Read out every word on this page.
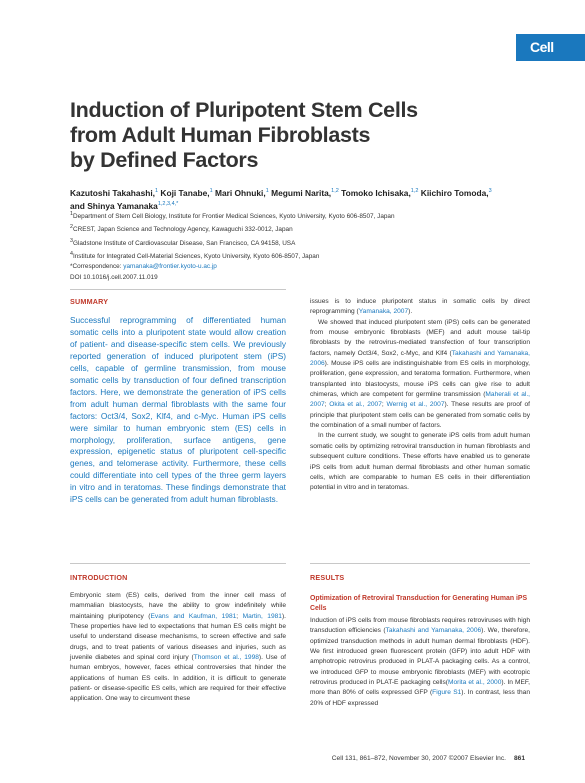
Cell
Induction of Pluripotent Stem Cells
from Adult Human Fibroblasts
by Defined Factors
Kazutoshi Takahashi,$^1$ Koji Tanabe,$^1$ Mari Ohnuki,$^1$ Megumi Narita,$^{1,2}$ Tomoko Ichisaka,$^{1,2}$ Kiichiro Tomoda,$^3$
and Shinya Yamanaka$^{1,2,3,4,*}$
$^1$Department of Stem Cell Biology, Institute for Frontier Medical Sciences, Kyoto University, Kyoto 606-8507, Japan
$^2$CREST, Japan Science and Technology Agency, Kawaguchi 332-0012, Japan
$^3$Gladstone Institute of Cardiovascular Disease, San Francisco, CA 94158, USA
$^4$Institute for Integrated Cell-Material Sciences, Kyoto University, Kyoto 606-8507, Japan
*Correspondence: yamanaka@frontier.kyoto-u.ac.jp
DOI 10.1016/j.cell.2007.11.019
SUMMARY
Successful reprogramming of differentiated human somatic cells into a pluripotent state would allow creation of patient- and disease-specific stem cells. We previously reported generation of induced pluripotent stem (iPS) cells, capable of germline transmission, from mouse somatic cells by transduction of four defined transcription factors. Here, we demonstrate the generation of iPS cells from adult human dermal fibroblasts with the same four factors: Oct3/4, Sox2, Klf4, and c-Myc. Human iPS cells were similar to human embryonic stem (ES) cells in morphology, proliferation, surface antigens, gene expression, epigenetic status of pluripotent cell-specific genes, and telomerase activity. Furthermore, these cells could differentiate into cell types of the three germ layers in vitro and in teratomas. These findings demonstrate that iPS cells can be generated from adult human fibroblasts.
INTRODUCTION

Embryonic stem (ES) cells, derived from the inner cell mass of mammalian blastocysts, have the ability to grow indefinitely while maintaining pluripotency (Evans and Kaufman, 1981; Martin, 1981). These properties have led to expectations that human ES cells might be useful to understand disease mechanisms, to screen effective and safe drugs, and to treat patients of various diseases and injuries, such as juvenile diabetes and spinal cord injury (Thomson et al., 1998). Use of human embryos, however, faces ethical controversies that hinder the applications of human ES cells. In addition, it is difficult to generate patient- or disease-specific ES cells, which are required for their effective application. One way to circumvent these

issues is to induce pluripotent status in somatic cells by direct reprogramming (Yamanaka, 2007).

We showed that induced pluripotent stem (iPS) cells can be generated from mouse embryonic fibroblasts (MEF) and adult mouse tail-tip fibroblasts by the retrovirus-mediated transfection of four transcription factors, namely Oct3/4, Sox2, c-Myc, and Klf4 (Takahashi and Yamanaka, 2006). Mouse iPS cells are indistinguishable from ES cells in morphology, proliferation, gene expression, and teratoma formation. Furthermore, when transplanted into blastocysts, mouse iPS cells can give rise to adult chimeras, which are competent for germline transmission (Maherali et al., 2007; Okita et al., 2007; Wernig et al., 2007). These results are proof of principle that pluripotent stem cells can be generated from somatic cells by the combination of a small number of factors.

In the current study, we sought to generate iPS cells from adult human somatic cells by optimizing retroviral transduction in human fibroblasts and subsequent culture conditions. These efforts have enabled us to generate iPS cells from adult human dermal fibroblasts and other human somatic cells, which are comparable to human ES cells in their differentiation potential in vitro and in teratomas.

RESULTS
Optimization of Retroviral Transduction for Generating Human iPS Cells

Induction of iPS cells from mouse fibroblasts requires retroviruses with high transduction efficiencies (Takahashi and Yamanaka, 2006). We, therefore, optimized transduction methods in adult human dermal fibroblasts (HDF). We first introduced green fluorescent protein (GFP) into adult HDF with amphotropic retrovirus produced in PLAT-A packaging cells. As a control, we introduced GFP to mouse embryonic fibroblasts (MEF) with ecotropic retrovirus produced in PLAT-E packaging cells(Morita et al., 2000). In MEF, more than 80% of cells expressed GFP (Figure S1). In contrast, less than 20% of HDF expressed

Cell 131, 861–872, November 30, 2007 ©2007 Elsevier Inc. 861
